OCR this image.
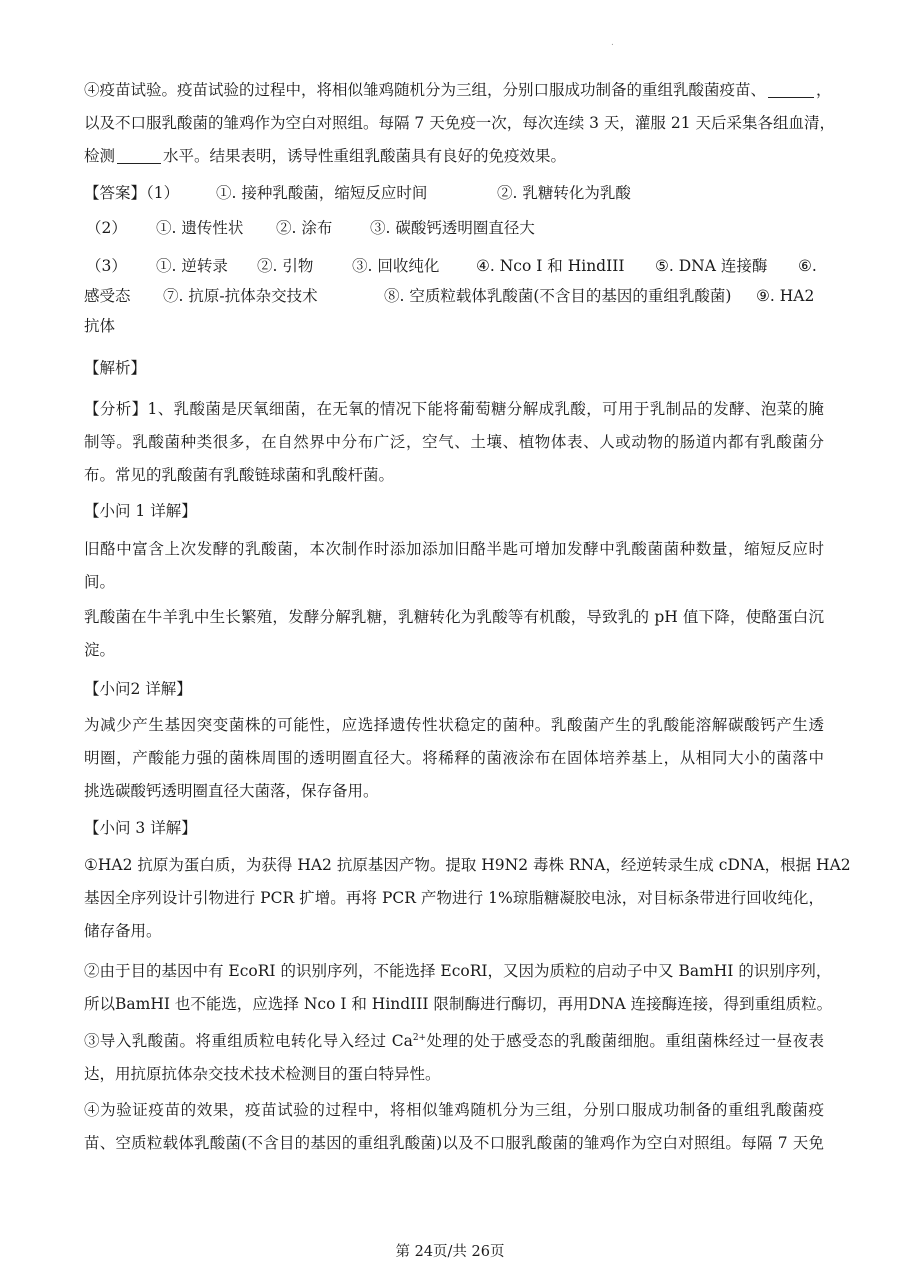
.
④疫苗试验。疫苗试验的过程中，将相似雏鸡随机分为三组，分别口服成功制备的重组乳酸菌疫苗、	，
以及不口服乳酸菌的雏鸡作为空白对照组。每隔 7 天免疫一次，每次连续 3 天，灌服 21 天后采集各组血清，
检测	水平。结果表明，诱导性重组乳酸菌具有良好的免疫效果。
【答案】（1） ①. 接种乳酸菌，缩短反应时间	②. 乳糖转化为乳酸
（2） ①. 遗传性状 ②. 涂布 ③. 碳酸钙透明圈直径大
（3） ①. 逆转录 ②. 引物 ③. 回收纯化 ④. Nco I 和 HindIII ⑤. DNA 连接酶 ⑥.
感受态 ⑦. 抗原-抗体杂交技术	⑧. 空质粒载体乳酸菌(不含目的基因的重组乳酸菌) ⑨. HA2
抗体
【解析】
【分析】1、乳酸菌是厌氧细菌，在无氧的情况下能将葡萄糖分解成乳酸，可用于乳制品的发酵、泡菜的腌
制等。乳酸菌种类很多，在自然界中分布广泛，空气、土壤、植物体表、人或动物的肠道内都有乳酸菌分
布。常见的乳酸菌有乳酸链球菌和乳酸杆菌。
【小问 1 详解】
旧酪中富含上次发酵的乳酸菌，本次制作时添加添加旧酪半匙可增加发酵中乳酸菌菌种数量，缩短反应时
间。
乳酸菌在牛羊乳中生长繁殖，发酵分解乳糖，乳糖转化为乳酸等有机酸，导致乳的 pH 值下降，使酪蛋白沉
淀。
【小问2 详解】
为减少产生基因突变菌株的可能性，应选择遗传性状稳定的菌种。乳酸菌产生的乳酸能溶解碳酸钙产生透
明圈，产酸能力强的菌株周围的透明圈直径大。将稀释的菌液涂布在固体培养基上，从相同大小的菌落中
挑选碳酸钙透明圈直径大菌落，保存备用。
【小问 3 详解】
①HA2 抗原为蛋白质，为获得 HA2 抗原基因产物。提取 H9N2 毒株 RNA，经逆转录生成 cDNA，根据 HA2
基因全序列设计引物进行 PCR 扩增。再将 PCR 产物进行 1%琼脂糖凝胶电泳，对目标条带进行回收纯化，
储存备用。
②由于目的基因中有 EcoRI 的识别序列，不能选择 EcoRI，又因为质粒的启动子中又 BamHI 的识别序列，
所以BamHI 也不能选，应选择 Nco I 和 HindIII 限制酶进行酶切，再用DNA 连接酶连接，得到重组质粒。
③导入乳酸菌。将重组质粒电转化导入经过 $Ca^{2+}$处理的处于感受态的乳酸菌细胞。重组菌株经过一昼夜表
达，用抗原抗体杂交技术技术检测目的蛋白特异性。
④为验证疫苗的效果，疫苗试验的过程中，将相似雏鸡随机分为三组，分别口服成功制备的重组乳酸菌疫
苗、空质粒载体乳酸菌(不含目的基因的重组乳酸菌)以及不口服乳酸菌的雏鸡作为空白对照组。每隔 7 天免
第 24页/共 26页
